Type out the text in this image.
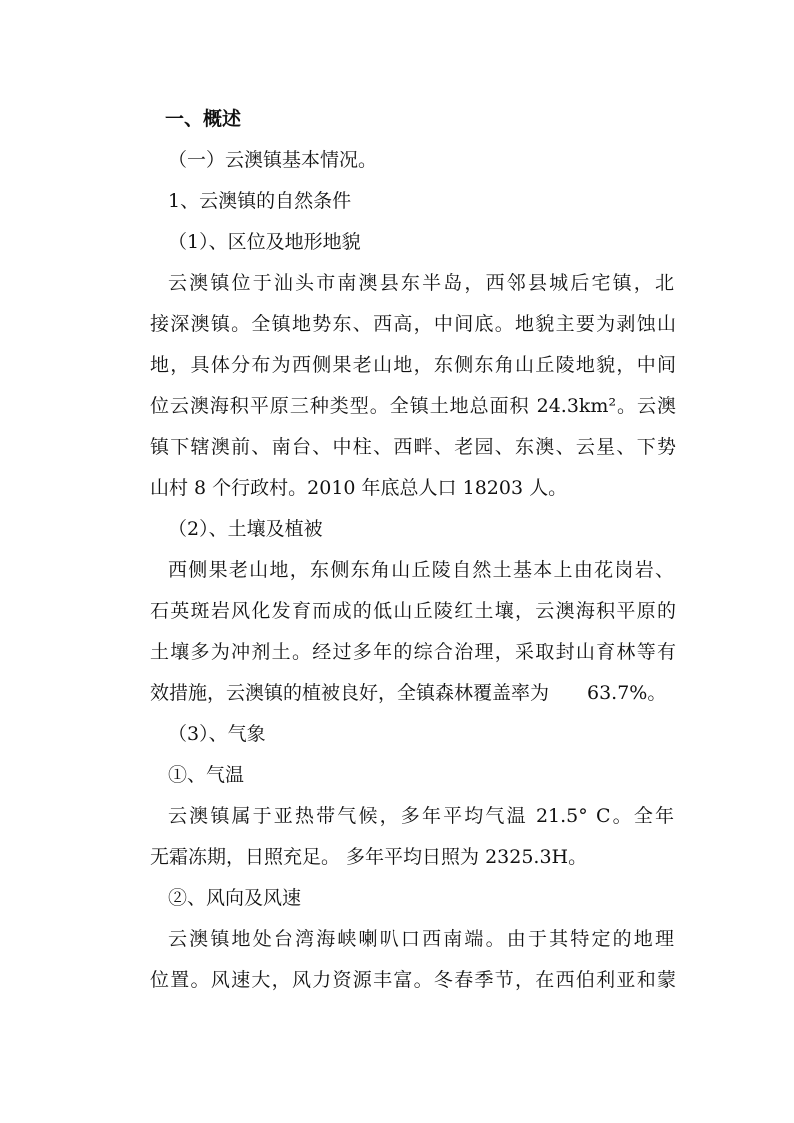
一、概述
（一）云澳镇基本情况。
1、云澳镇的自然条件
（1）、区位及地形地貌
云澳镇位于汕头市南澳县东半岛，西邻县城后宅镇，北
接深澳镇。全镇地势东、西高，中间底。地貌主要为剥蚀山
地，具体分布为西侧果老山地，东侧东角山丘陵地貌，中间
位云澳海积平原三种类型。全镇土地总面积 24.3km²。云澳
镇下辖澳前、南台、中柱、西畔、老园、东澳、云星、下势
山村 8 个行政村。2010 年底总人口 18203 人。
（2）、土壤及植被
西侧果老山地，东侧东角山丘陵自然土基本上由花岗岩、
石英斑岩风化发育而成的低山丘陵红土壤，云澳海积平原的
土壤多为冲剂土。经过多年的综合治理，采取封山育林等有
效措施，云澳镇的植被良好，全镇森林覆盖率为　　63.7%。
（3）、气象
①、气温
云澳镇属于亚热带气候，多年平均气温 21.5° C。全年
无霜冻期，日照充足。 多年平均日照为 2325.3H。
②、风向及风速
云澳镇地处台湾海峡喇叭口西南端。由于其特定的地理
位置。风速大，风力资源丰富。冬春季节，在西伯利亚和蒙
